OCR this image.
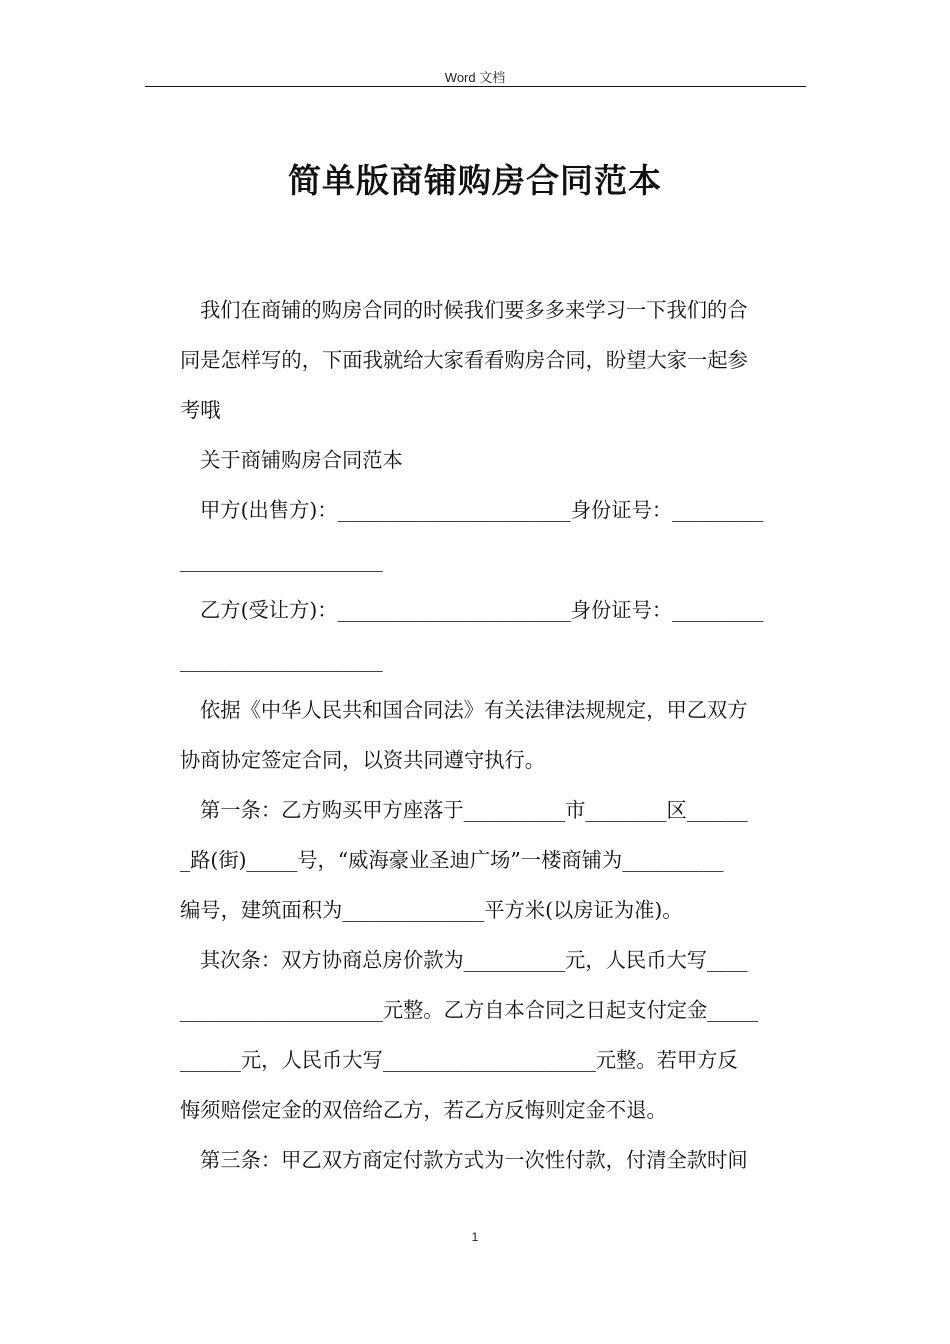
Word 文档
简单版商铺购房合同范本

我们在商铺的购房合同的时候我们要多多来学习一下我们的合

同是怎样写的，下面我就给大家看看购房合同，盼望大家一起参

考哦

关于商铺购房合同范本

甲方(出售方)：_______________________身份证号：_________

____________________

乙方(受让方)：_______________________身份证号：_________

____________________

依据《中华人民共和国合同法》有关法律法规规定，甲乙双方

协商协定签定合同，以资共同遵守执行。

第一条：乙方购买甲方座落于__________市________区______

_路(街)_____号，“威海豪业圣迪广场”一楼商铺为__________

编号，建筑面积为______________平方米(以房证为准)。

其次条：双方协商总房价款为__________元，人民币大写____

____________________元整。乙方自本合同之日起支付定金_____

______元，人民币大写_____________________元整。若甲方反

悔须赔偿定金的双倍给乙方，若乙方反悔则定金不退。

第三条：甲乙双方商定付款方式为一次性付款，付清全款时间

1
